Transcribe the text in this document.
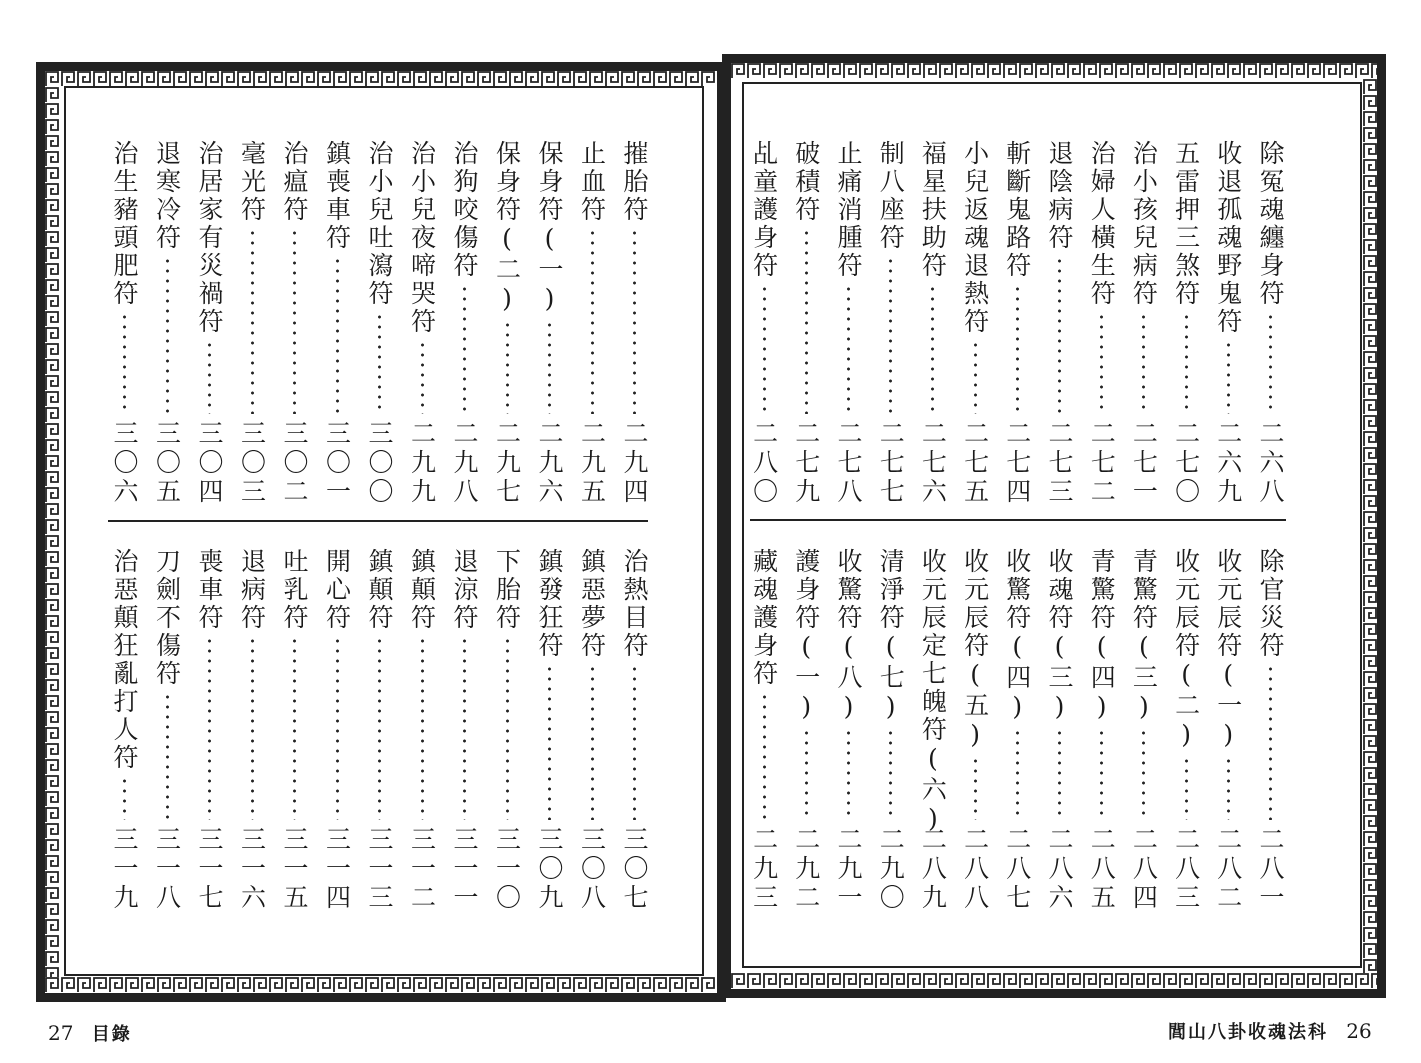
摧胎符
二九四
止血符
二九五
保身符(一)
二九六
保身符(二)
二九七
治狗咬傷符
二九八
治小兒夜啼哭符
二九九
治小兒吐瀉符
三〇〇
鎮喪車符
三〇一
治瘟符
三〇二
毫光符
三〇三
治居家有災禍符
三〇四
退寒冷符
三〇五
治生豬頭肥符
三〇六
治熱目符
三〇七
鎮惡夢符
三〇八
鎮發狂符
三〇九
下胎符
三一〇
退涼符
三一一
鎮顛符
三一二
鎮顛符
三一三
開心符
三一四
吐乳符
三一五
退病符
三一六
喪車符
三一七
刀劍不傷符
三一八
治惡顛狂亂打人符
三一九
27 目錄
除冤魂纏身符
二六八
收退孤魂野鬼符
二六九
五雷押三煞符
二七〇
治小孩兒病符
二七一
治婦人橫生符
二七二
退陰病符
二七三
斬斷鬼路符
二七四
小兒返魂退熱符
二七五
福星扶助符
二七六
制八座符
二七七
止痛消腫符
二七八
破積符
二七九
乩童護身符
二八〇
除官災符
二八一
收元辰符(一)
二八二
收元辰符(二)
二八三
青驚符(三)
二八四
青驚符(四)
二八五
收魂符(三)
二八六
收驚符(四)
二八七
收元辰符(五)
二八八
收元辰定七魄符(六)
二八九
清淨符(七)
二九〇
收驚符(八)
二九一
護身符(一)
二九二
藏魂護身符
二九三
閭山八卦收魂法科 26
